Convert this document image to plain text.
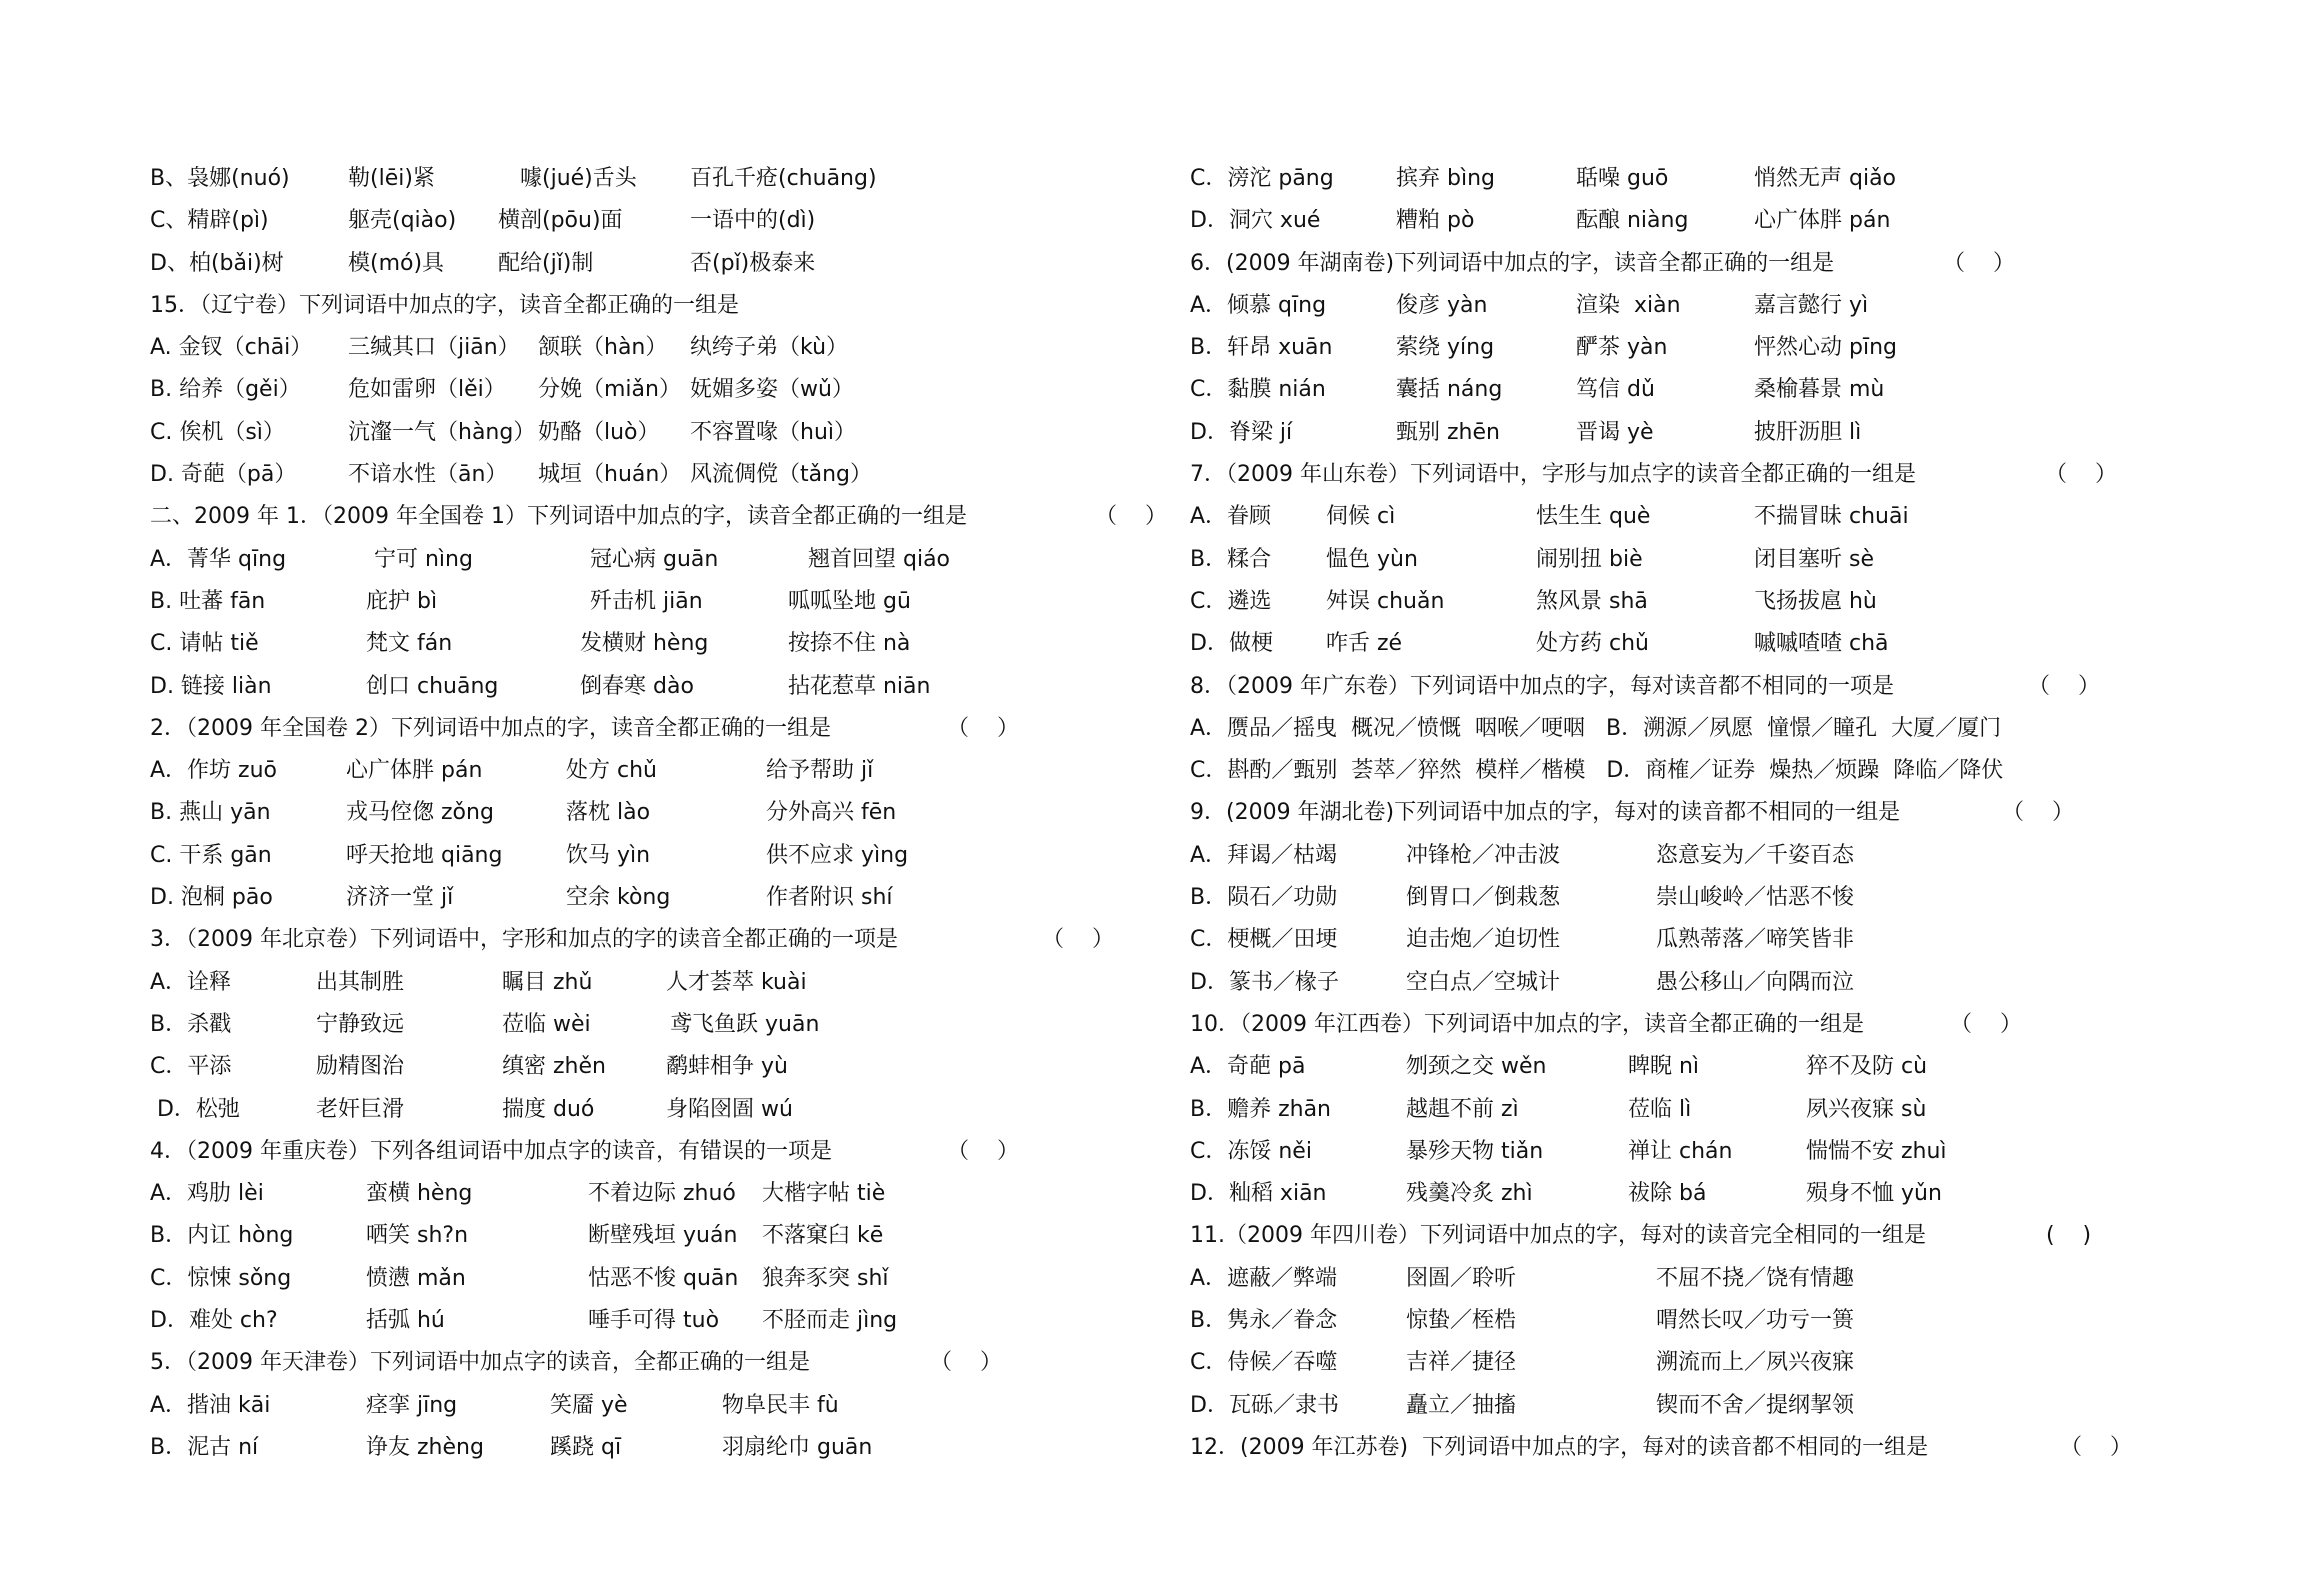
B、袅娜(nuó)	勒(lēi)紧	噱(jué)舌头 百孔千疮(chuāng)
C、精辟(pì)	躯壳(qiào) 横剖(pōu)面	一语中的(dì)
D、柏(bǎi)树	模(mó)具 配给(jǐ)制	否(pǐ)极泰来
15．（辽宁卷）下列词语中加点的字，读音全都正确的一组是
A. 金钗（chāi） 三缄其口（jiān） 颔联（hàn） 纨绔子弟（kù）
B. 给养（gěi） 危如雷卵（lěi） 分娩（miǎn） 妩媚多姿（wǔ）
C. 俟机（sì）	沆瀣一气（hàng） 奶酪（luò） 不容置喙（huì）
D. 奇葩（pā） 不谙水性（ān） 城垣（huán） 风流倜傥（tǎng）
二、2009 年 1．（2009 年全国卷 1）下列词语中加点的字，读音全都正确的一组是	（    ）
A．菁华 qīng	宁可 nìng	冠心病 guān	翘首回望 qiáo
B. 吐蕃 fān	庇护 bì	歼击机 jiān	呱呱坠地 gū
C. 请帖 tiě	梵文 fán	发横财 hèng	按捺不住 nà
D. 链接 liàn	创口 chuāng	倒春寒 dào	拈花惹草 niān
2．（2009 年全国卷 2）下列词语中加点的字，读音全都正确的一组是	（    ）
A．作坊 zuō	心广体胖 pán	处方 chǔ	给予帮助 jǐ
B. 燕山 yān	戎马倥偬 zǒng	落枕 lào	分外高兴 fēn
C. 干系 gān	呼天抢地 qiāng	饮马 yìn	供不应求 yìng
D. 泡桐 pāo	济济一堂 jǐ	空余 kòng	作者附识 shí
3．（2009 年北京卷）下列词语中，字形和加点的字的读音全都正确的一项是	（    ）
A．诠释	出其制胜	瞩目 zhǔ	人才荟萃 kuài
B．杀戳	宁静致远	莅临 wèi	鸢飞鱼跃 yuān
C．平添	励精图治	缜密 zhěn	鹬蚌相争 yù
D．松弛	老奸巨滑	揣度 duó	身陷囹圄 wú
4．（2009 年重庆卷）下列各组词语中加点字的读音，有错误的一项是	（    ）
A．鸡肋 lèi	蛮横 hèng	不着边际 zhuó 大楷字帖 tiè
B．内讧 hòng	哂笑 sh?n	断壁残垣 yuán 不落窠臼 kē
C．惊悚 sǒng	愤懑 mǎn	怙恶不悛 quān 狼奔豕突 shǐ
D．难处 ch?	括弧 hú	唾手可得 tuò 不胫而走 jìng
5．（2009 年天津卷）下列词语中加点字的读音，全都正确的一组是	（    ）
A．揩油 kāi	痉挛 jīng	笑靥 yè	物阜民丰 fù
B．泥古 ní	诤友 zhèng	蹊跷 qī	羽扇纶巾 guān
C．滂沱 pāng	摈弃 bìng	聒噪 guō	悄然无声 qiǎo
D．洞穴 xué	糟粕 pò	酝酿 niàng	心广体胖 pán
6．(2009 年湖南卷)下列词语中加点的字，读音全都正确的一组是	（    ）
A．倾慕 qīng	俊彦 yàn	渲染  xiàn	嘉言懿行 yì
B．轩昂 xuān	萦绕 yíng	酽茶 yàn	怦然心动 pīng
C．黏膜 nián	囊括 náng	笃信 dǔ	桑榆暮景 mù
D．脊梁 jí	甄别 zhēn	晋谒 yè	披肝沥胆 lì
7．（2009 年山东卷）下列词语中，字形与加点字的读音全都正确的一组是	（    ）
A．眷顾 伺候 cì	怯生生 què	不揣冒昧 chuāi
B．糅合 愠色 yùn	闹别扭 biè	闭目塞听 sè
C．遴选 舛误 chuǎn	煞风景 shā	飞扬拔扈 hù
D．做梗 咋舌 zé	处方药 chǔ	嘁嘁喳喳 chā
8．（2009 年广东卷）下列词语中加点的字，每对读音都不相同的一项是	（    ）
A．赝品／摇曳  概况／愤慨  咽喉／哽咽   B．溯源／夙愿  憧憬／瞳孔  大厦／厦门
C．斟酌／甄别  荟萃／猝然  模样／楷模   D．商榷／证券  燥热／烦躁  降临／降伏
9．(2009 年湖北卷)下列词语中加点的字，每对的读音都不相同的一组是	（    ）
A．拜谒／枯竭	冲锋枪／冲击波	恣意妄为／千姿百态
B．陨石／功勋	倒胃口／倒栽葱	崇山峻岭／怙恶不悛
C．梗概／田埂	迫击炮／迫切性	瓜熟蒂落／啼笑皆非
D．篆书／椽子	空白点／空城计	愚公移山／向隅而泣
10．（2009 年江西卷）下列词语中加点的字，读音全都正确的一组是	（    ）
A．奇葩 pā	刎颈之交 wěn	睥睨 nì	猝不及防 cù
B．赡养 zhān	越趄不前 zì	莅临 lì	夙兴夜寐 sù
C．冻馁 něi	暴殄天物 tiǎn	禅让 chán	惴惴不安 zhuì
D．籼稻 xiān	残羹冷炙 zhì	祓除 bá	殒身不恤 yǔn
11.（2009 年四川卷）下列词语中加点的字，每对的读音完全相同的一组是	(    )
A．遮蔽／弊端	囹圄／聆听	不屈不挠／饶有情趣
B．隽永／眷念	惊蛰／桎梏	喟然长叹／功亏一篑
C．侍候／吞噬	吉祥／捷径	溯流而上／夙兴夜寐
D．瓦砾／隶书	矗立／抽搐	锲而不舍／提纲挈领
12．(2009 年江苏卷)  下列词语中加点的字，每对的读音都不相同的一组是	（    ）
